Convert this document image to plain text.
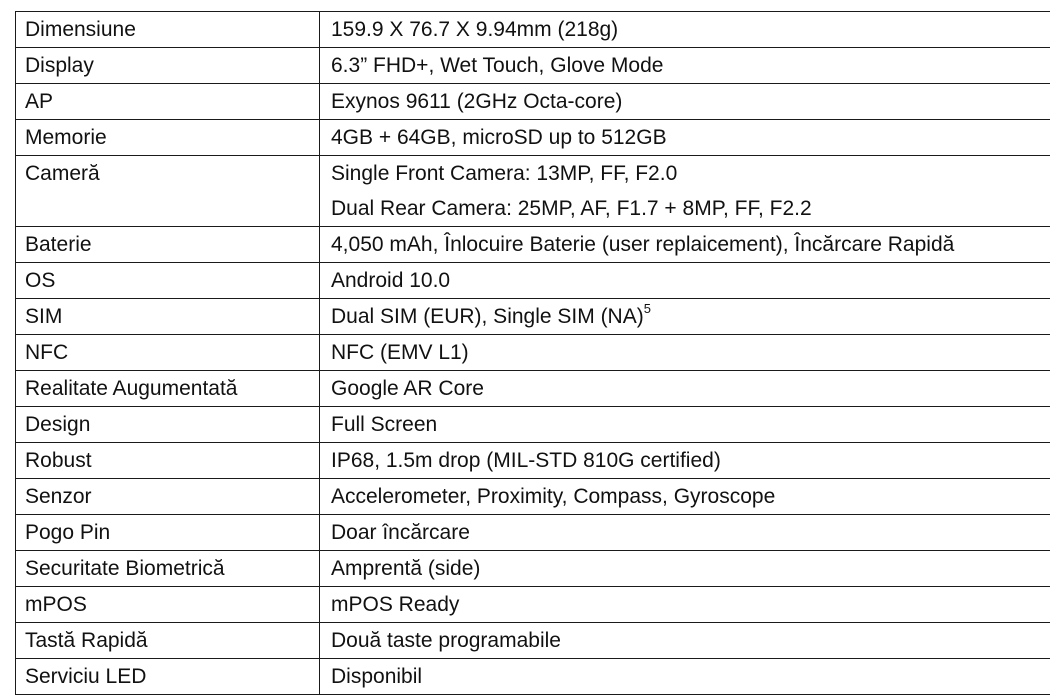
Dimensiune	159.9 X 76.7 X 9.94mm (218g)

Display	6.3” FHD+, Wet Touch, Glove Mode

AP	Exynos 9611 (2GHz Octa-core)

Memorie	4GB + 64GB, microSD up to 512GB

Cameră	Single Front Camera: 13MP, FF, F2.0
Dual Rear Camera: 25MP, AF, F1.7 + 8MP, FF, F2.2

Baterie	4,050 mAh, Înlocuire Baterie (user replaicement), Încărcare Rapidă

OS	Android 10.0

SIM	Dual SIM (EUR), Single SIM (NA)$^5$

NFC	NFC (EMV L1)

Realitate Augumentată	Google AR Core

Design	Full Screen

Robust	IP68, 1.5m drop (MIL-STD 810G certified)

Senzor	Accelerometer, Proximity, Compass, Gyroscope

Pogo Pin	Doar încărcare

Securitate Biometrică	Amprentă (side)

mPOS	mPOS Ready

Tastă Rapidă	Două taste programabile

Serviciu LED	Disponibil
